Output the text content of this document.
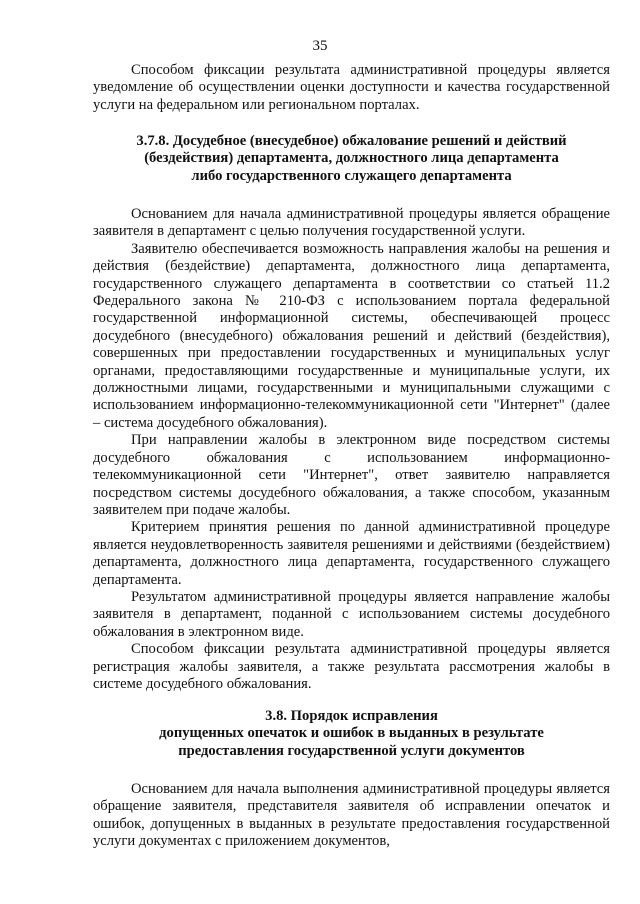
35

Способом фиксации результата административной процедуры является уведомление об осуществлении оценки доступности и качества государственной услуги на федеральном или региональном порталах.

3.7.8. Досудебное (внесудебное) обжалование решений и действий
(бездействия) департамента, должностного лица департамента
либо государственного служащего департамента

Основанием для начала административной процедуры является обращение заявителя в департамент с целью получения государственной услуги.

Заявителю обеспечивается возможность направления жалобы на решения и действия (бездействие) департамента, должностного лица департамента, государственного служащего департамента в соответствии со статьей 11.2 Федерального закона № 210-ФЗ с использованием портала федеральной государственной информационной системы, обеспечивающей процесс досудебного (внесудебного) обжалования решений и действий (бездействия), совершенных при предоставлении государственных и муниципальных услуг органами, предоставляющими государственные и муниципальные услуги, их должностными лицами, государственными и муниципальными служащими с использованием информационно-телекоммуникационной сети "Интернет" (далее – система досудебного обжалования).

При направлении жалобы в электронном виде посредством системы досудебного обжалования с использованием информационно-телекоммуникационной сети "Интернет", ответ заявителю направляется посредством системы досудебного обжалования, а также способом, указанным заявителем при подаче жалобы.

Критерием принятия решения по данной административной процедуре является неудовлетворенность заявителя решениями и действиями (бездействием) департамента, должностного лица департамента, государственного служащего департамента.

Результатом административной процедуры является направление жалобы заявителя в департамент, поданной с использованием системы досудебного обжалования в электронном виде.

Способом фиксации результата административной процедуры является регистрация жалобы заявителя, а также результата рассмотрения жалобы в системе досудебного обжалования.

3.8. Порядок исправления
допущенных опечаток и ошибок в выданных в результате
предоставления государственной услуги документов

Основанием для начала выполнения административной процедуры является обращение заявителя, представителя заявителя об исправлении опечаток и ошибок, допущенных в выданных в результате предоставления государственной услуги документах с приложением документов,
